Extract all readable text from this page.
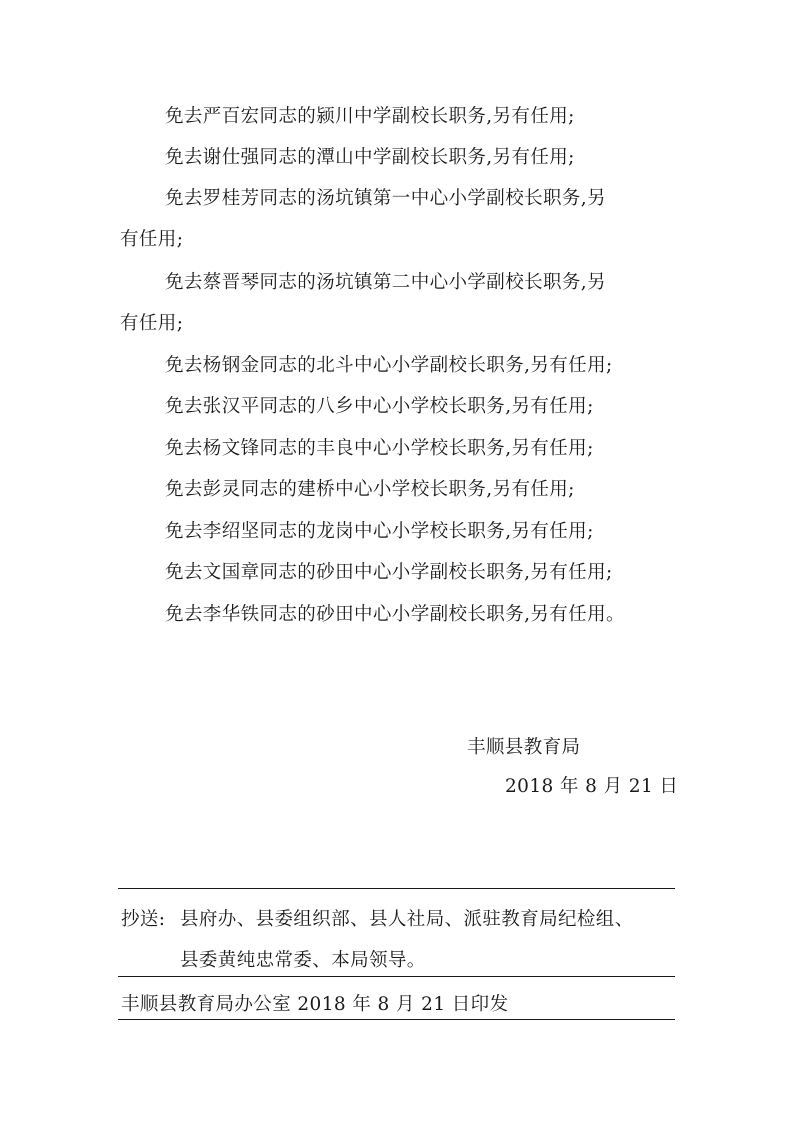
免去严百宏同志的颍川中学副校长职务,另有任用;

免去谢仕强同志的潭山中学副校长职务,另有任用;

免去罗桂芳同志的汤坑镇第一中心小学副校长职务,另
有任用;

免去蔡晋琴同志的汤坑镇第二中心小学副校长职务,另
有任用;

免去杨钢金同志的北斗中心小学副校长职务,另有任用;

免去张汉平同志的八乡中心小学校长职务,另有任用;

免去杨文锋同志的丰良中心小学校长职务,另有任用;

免去彭灵同志的建桥中心小学校长职务,另有任用;

免去李绍坚同志的龙岗中心小学校长职务,另有任用;

免去文国章同志的砂田中心小学副校长职务,另有任用;

免去李华铁同志的砂田中心小学副校长职务,另有任用。

丰顺县教育局
2018 年 8 月 21 日
抄送: 县府办、县委组织部、县人社局、派驻教育局纪检组、
县委黄纯忠常委、本局领导。
丰顺县教育局办公室 2018 年 8 月 21 日印发
